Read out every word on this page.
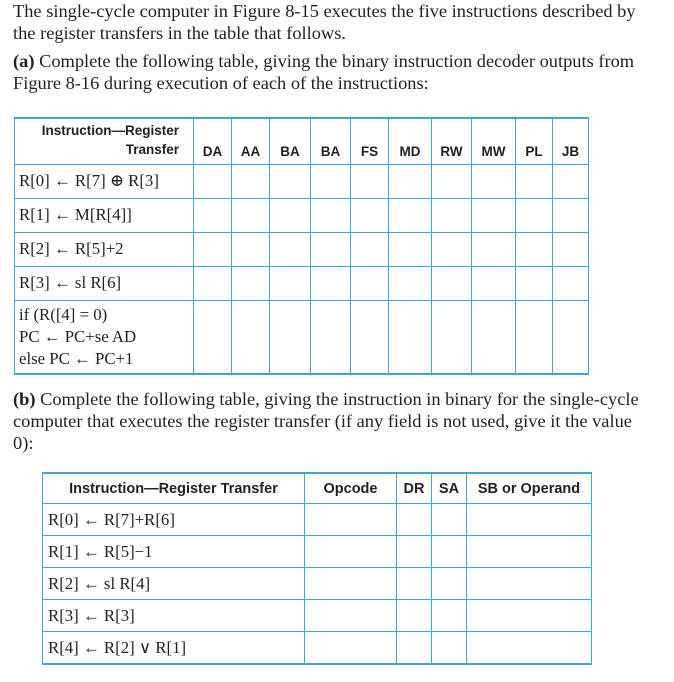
The single-cycle computer in Figure 8-15 executes the five instructions described by the register transfers in the table that follows.

(a) Complete the following table, giving the binary instruction decoder outputs from Figure 8-16 during execution of each of the instructions:

Instruction—Register
Transfer	DA	AA	BA	BA	FS	MD	RW	MW	PL	JB
R[0] ← R[7] ⊕ R[3]										
R[1] ← M[R[4]]										
R[2] ← R[5]+2										
R[3] ← sl R[6]										

if (R([4] = 0)
PC ← PC+se AD
else PC ← PC+1										

(b) Complete the following table, giving the instruction in binary for the single-cycle computer that executes the register transfer (if any field is not used, give it the value 0):

Instruction—Register Transfer	Opcode	DR	SA	SB or Operand
R[0] ← R[7]+R[6]				
R[1] ← R[5]−1				
R[2] ← sl R[4]				
R[3] ← R[3]				
R[4] ← R[2] ∨ R[1]				
